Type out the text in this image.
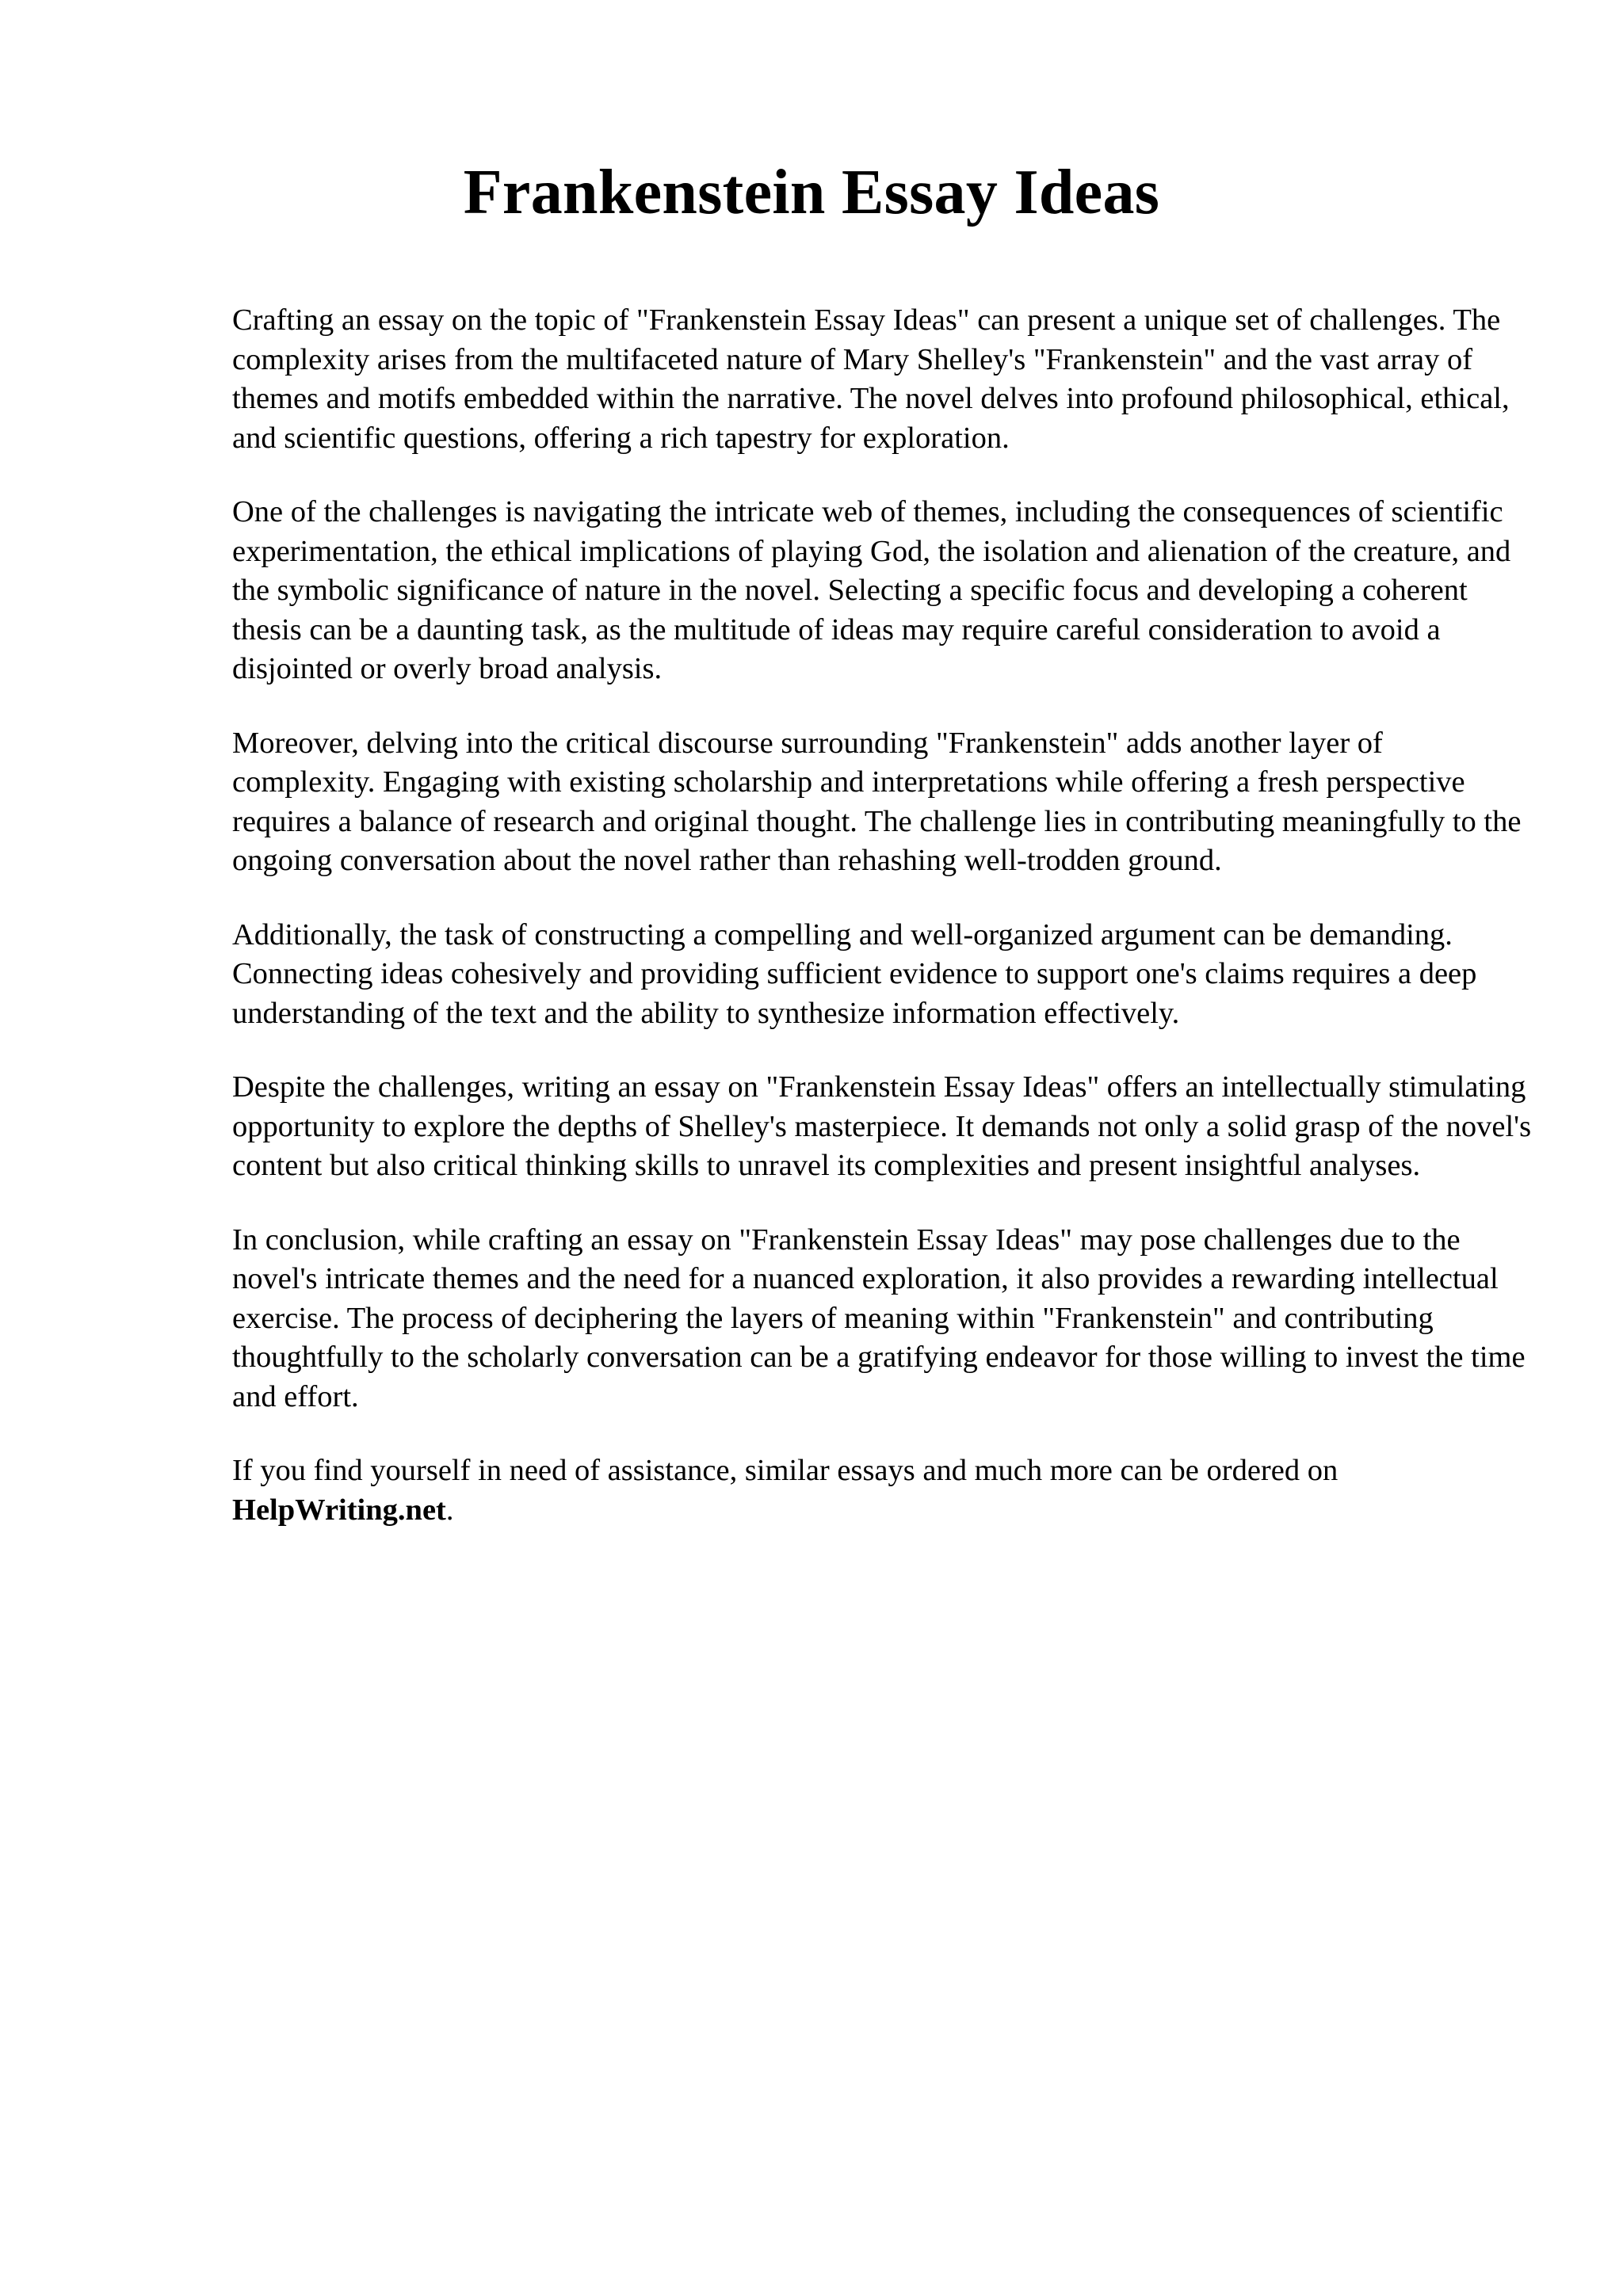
Frankenstein Essay Ideas

Crafting an essay on the topic of "Frankenstein Essay Ideas" can present a unique set of challenges. The complexity arises from the multifaceted nature of Mary Shelley's "Frankenstein" and the vast array of themes and motifs embedded within the narrative. The novel delves into profound philosophical, ethical, and scientific questions, offering a rich tapestry for exploration.

One of the challenges is navigating the intricate web of themes, including the consequences of scientific experimentation, the ethical implications of playing God, the isolation and alienation of the creature, and the symbolic significance of nature in the novel. Selecting a specific focus and developing a coherent thesis can be a daunting task, as the multitude of ideas may require careful consideration to avoid a disjointed or overly broad analysis.

Moreover, delving into the critical discourse surrounding "Frankenstein" adds another layer of complexity. Engaging with existing scholarship and interpretations while offering a fresh perspective requires a balance of research and original thought. The challenge lies in contributing meaningfully to the ongoing conversation about the novel rather than rehashing well-trodden ground.

Additionally, the task of constructing a compelling and well-organized argument can be demanding. Connecting ideas cohesively and providing sufficient evidence to support one's claims requires a deep understanding of the text and the ability to synthesize information effectively.

Despite the challenges, writing an essay on "Frankenstein Essay Ideas" offers an intellectually stimulating opportunity to explore the depths of Shelley's masterpiece. It demands not only a solid grasp of the novel's content but also critical thinking skills to unravel its complexities and present insightful analyses.

In conclusion, while crafting an essay on "Frankenstein Essay Ideas" may pose challenges due to the novel's intricate themes and the need for a nuanced exploration, it also provides a rewarding intellectual exercise. The process of deciphering the layers of meaning within "Frankenstein" and contributing thoughtfully to the scholarly conversation can be a gratifying endeavor for those willing to invest the time and effort.

If you find yourself in need of assistance, similar essays and much more can be ordered on HelpWriting.net.
